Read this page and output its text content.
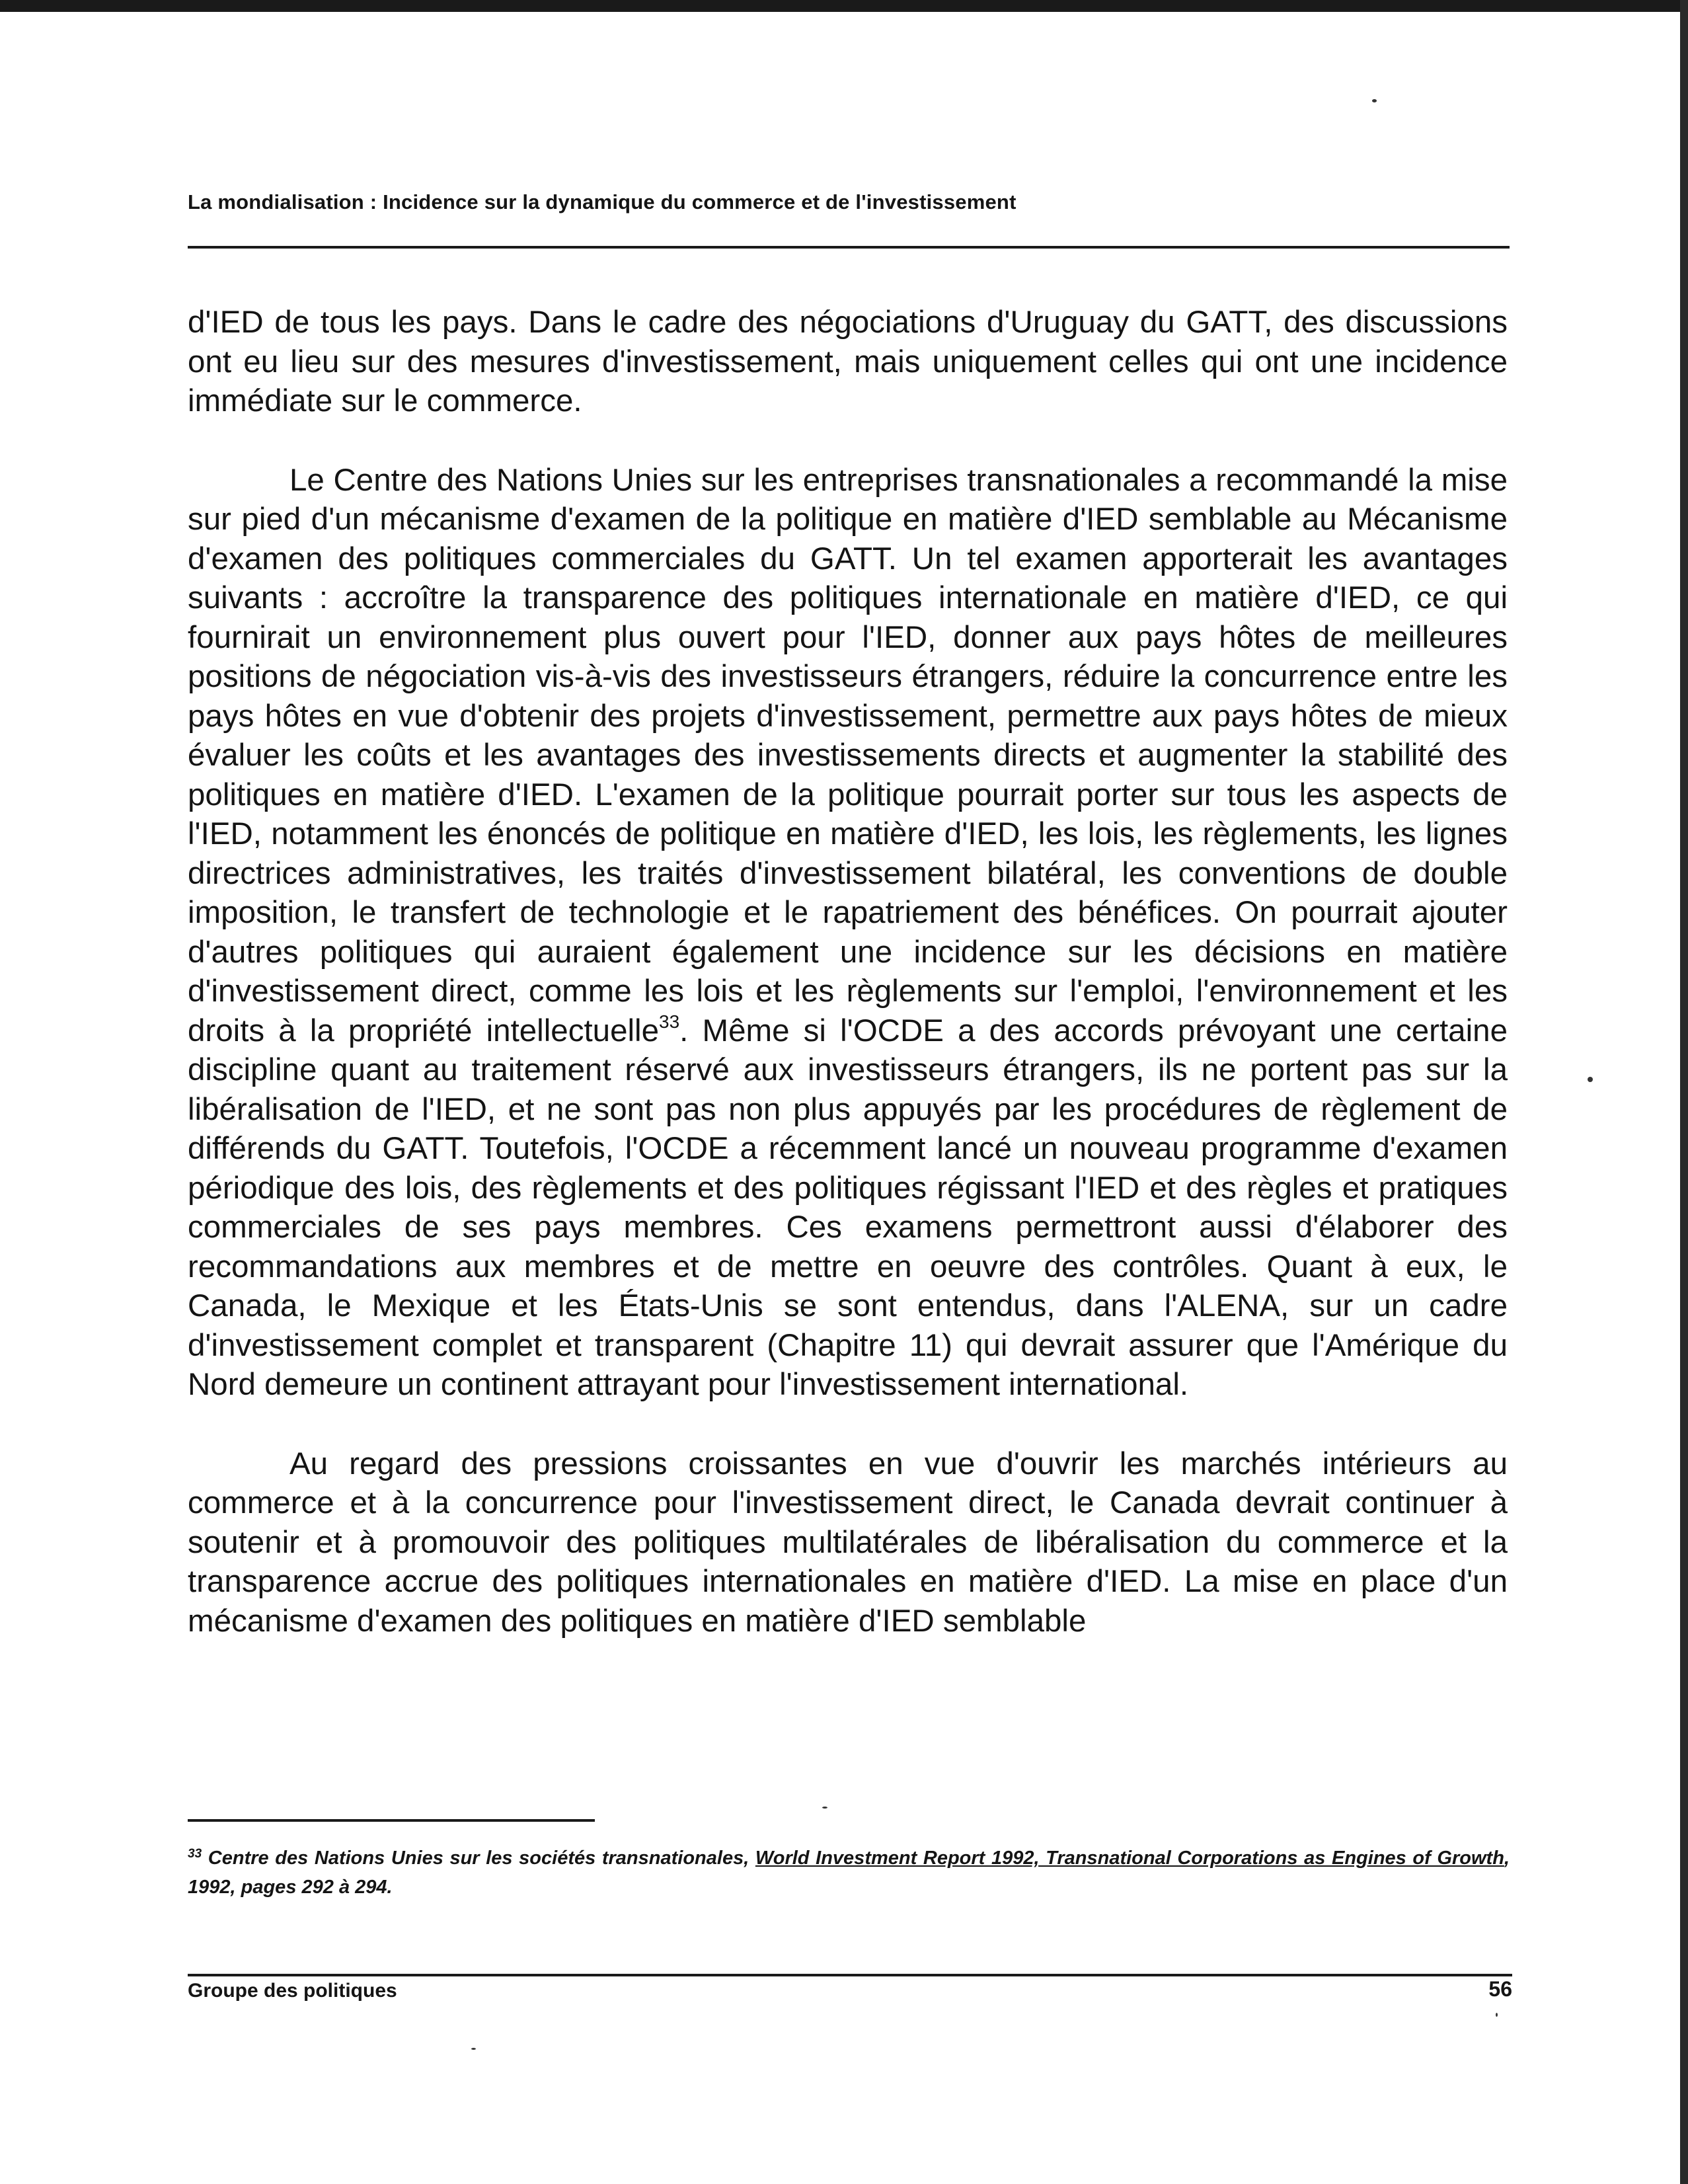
La mondialisation : Incidence sur la dynamique du commerce et de l'investissement

d'IED de tous les pays. Dans le cadre des négociations d'Uruguay du GATT, des discussions ont eu lieu sur des mesures d'investissement, mais uniquement celles qui ont une incidence immédiate sur le commerce.

Le Centre des Nations Unies sur les entreprises transnationales a recommandé la mise sur pied d'un mécanisme d'examen de la politique en matière d'IED semblable au Mécanisme d'examen des politiques commerciales du GATT. Un tel examen apporterait les avantages suivants : accroître la transparence des politiques internationale en matière d'IED, ce qui fournirait un environnement plus ouvert pour l'IED, donner aux pays hôtes de meilleures positions de négociation vis-à-vis des investisseurs étrangers, réduire la concurrence entre les pays hôtes en vue d'obtenir des projets d'investissement, permettre aux pays hôtes de mieux évaluer les coûts et les avantages des investissements directs et augmenter la stabilité des politiques en matière d'IED. L'examen de la politique pourrait porter sur tous les aspects de l'IED, notamment les énoncés de politique en matière d'IED, les lois, les règlements, les lignes directrices administratives, les traités d'investissement bilatéral, les conventions de double imposition, le transfert de technologie et le rapatriement des bénéfices. On pourrait ajouter d'autres politiques qui auraient également une incidence sur les décisions en matière d'investissement direct, comme les lois et les règlements sur l'emploi, l'environnement et les droits à la propriété intellectuelle$^{33}$. Même si l'OCDE a des accords prévoyant une certaine discipline quant au traitement réservé aux investisseurs étrangers, ils ne portent pas sur la libéralisation de l'IED, et ne sont pas non plus appuyés par les procédures de règlement de différends du GATT. Toutefois, l'OCDE a récemment lancé un nouveau programme d'examen périodique des lois, des règlements et des politiques régissant l'IED et des règles et pratiques commerciales de ses pays membres. Ces examens permettront aussi d'élaborer des recommandations aux membres et de mettre en oeuvre des contrôles. Quant à eux, le Canada, le Mexique et les États-Unis se sont entendus, dans l'ALENA, sur un cadre d'investissement complet et transparent (Chapitre 11) qui devrait assurer que l'Amérique du Nord demeure un continent attrayant pour l'investissement international.

Au regard des pressions croissantes en vue d'ouvrir les marchés intérieurs au commerce et à la concurrence pour l'investissement direct, le Canada devrait continuer à soutenir et à promouvoir des politiques multilatérales de libéralisation du commerce et la transparence accrue des politiques internationales en matière d'IED. La mise en place d'un mécanisme d'examen des politiques en matière d'IED semblable

$^{33}$ Centre des Nations Unies sur les sociétés transnationales, World Investment Report 1992, Transnational Corporations as Engines of Growth, 1992, pages 292 à 294.
Groupe des politiques	56
